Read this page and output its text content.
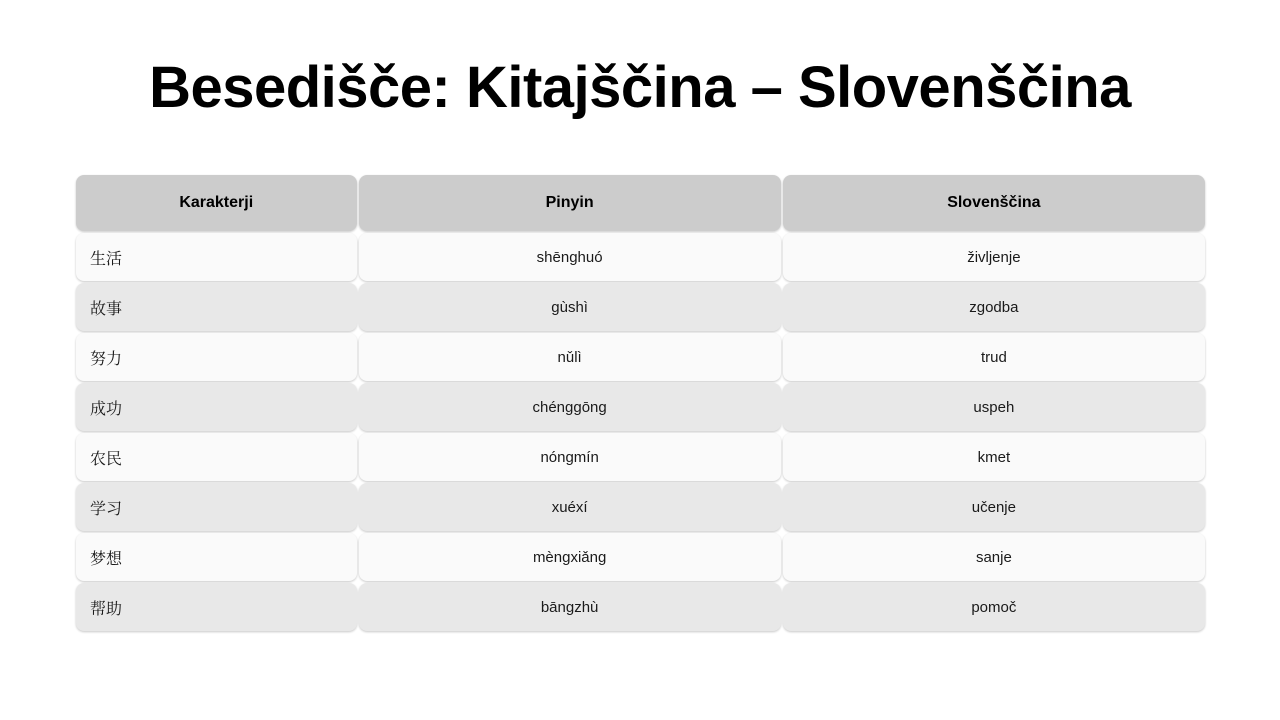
Besedišče: Kitajščina – Slovenščina
Karakterji	Pinyin	Slovenščina
生活	shēnghuó	življenje
故事	gùshì	zgodba
努力	nǔlì	trud
成功	chénggōng	uspeh
农民	nóngmín	kmet
学习	xuéxí	učenje
梦想	mèngxiǎng	sanje
帮助	bāngzhù	pomoč
